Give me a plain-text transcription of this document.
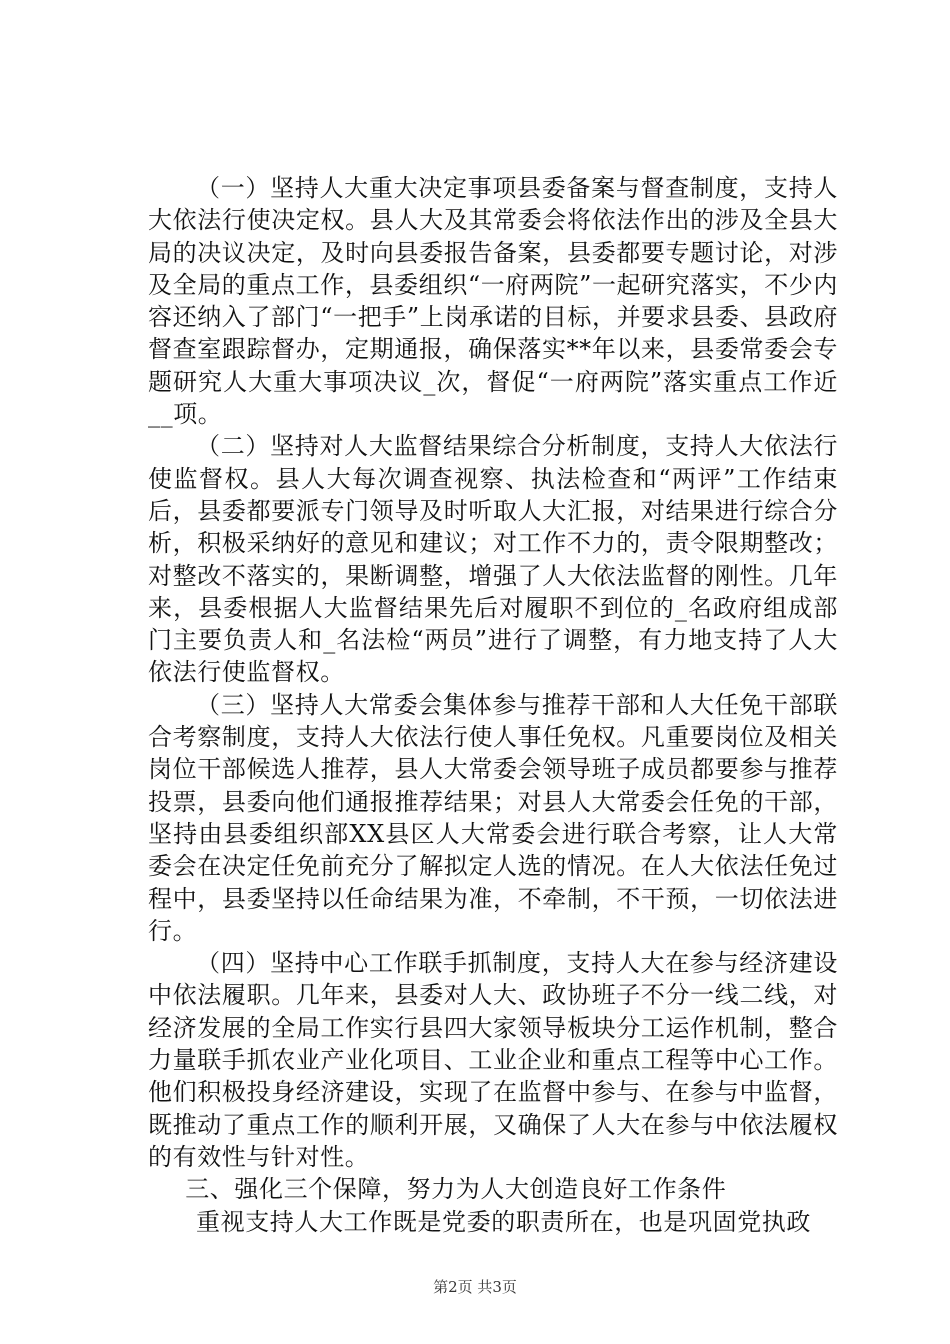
（一）坚持人大重大决定事项县委备案与督查制度，支持人大依法行使决定权。县人大及其常委会将依法作出的涉及全县大局的决议决定，及时向县委报告备案，县委都要专题讨论，对涉及全局的重点工作，县委组织“一府两院”一起研究落实，不少内容还纳入了部门“一把手”上岗承诺的目标，并要求县委、县政府督查室跟踪督办，定期通报，确保落实**年以来，县委常委会专题研究人大重大事项决议_次，督促“一府两院”落实重点工作近__项。

（二）坚持对人大监督结果综合分析制度，支持人大依法行使监督权。县人大每次调查视察、执法检查和“两评”工作结束后，县委都要派专门领导及时听取人大汇报，对结果进行综合分析，积极采纳好的意见和建议；对工作不力的，责令限期整改；对整改不落实的，果断调整，增强了人大依法监督的刚性。几年来，县委根据人大监督结果先后对履职不到位的_名政府组成部门主要负责人和_名法检“两员”进行了调整，有力地支持了人大依法行使监督权。

（三）坚持人大常委会集体参与推荐干部和人大任免干部联合考察制度，支持人大依法行使人事任免权。凡重要岗位及相关岗位干部候选人推荐，县人大常委会领导班子成员都要参与推荐投票，县委向他们通报推荐结果；对县人大常委会任免的干部，坚持由县委组织部XX县区人大常委会进行联合考察，让人大常委会在决定任免前充分了解拟定人选的情况。在人大依法任免过程中，县委坚持以任命结果为准，不牵制，不干预，一切依法进行。

（四）坚持中心工作联手抓制度，支持人大在参与经济建设中依法履职。几年来，县委对人大、政协班子不分一线二线，对经济发展的全局工作实行县四大家领导板块分工运作机制，整合力量联手抓农业产业化项目、工业企业和重点工程等中心工作。他们积极投身经济建设，实现了在监督中参与、在参与中监督，既推动了重点工作的顺利开展，又确保了人大在参与中依法履权的有效性与针对性。

三、强化三个保障，努力为人大创造良好工作条件

重视支持人大工作既是党委的职责所在，也是巩固党执政

第2页 共3页
